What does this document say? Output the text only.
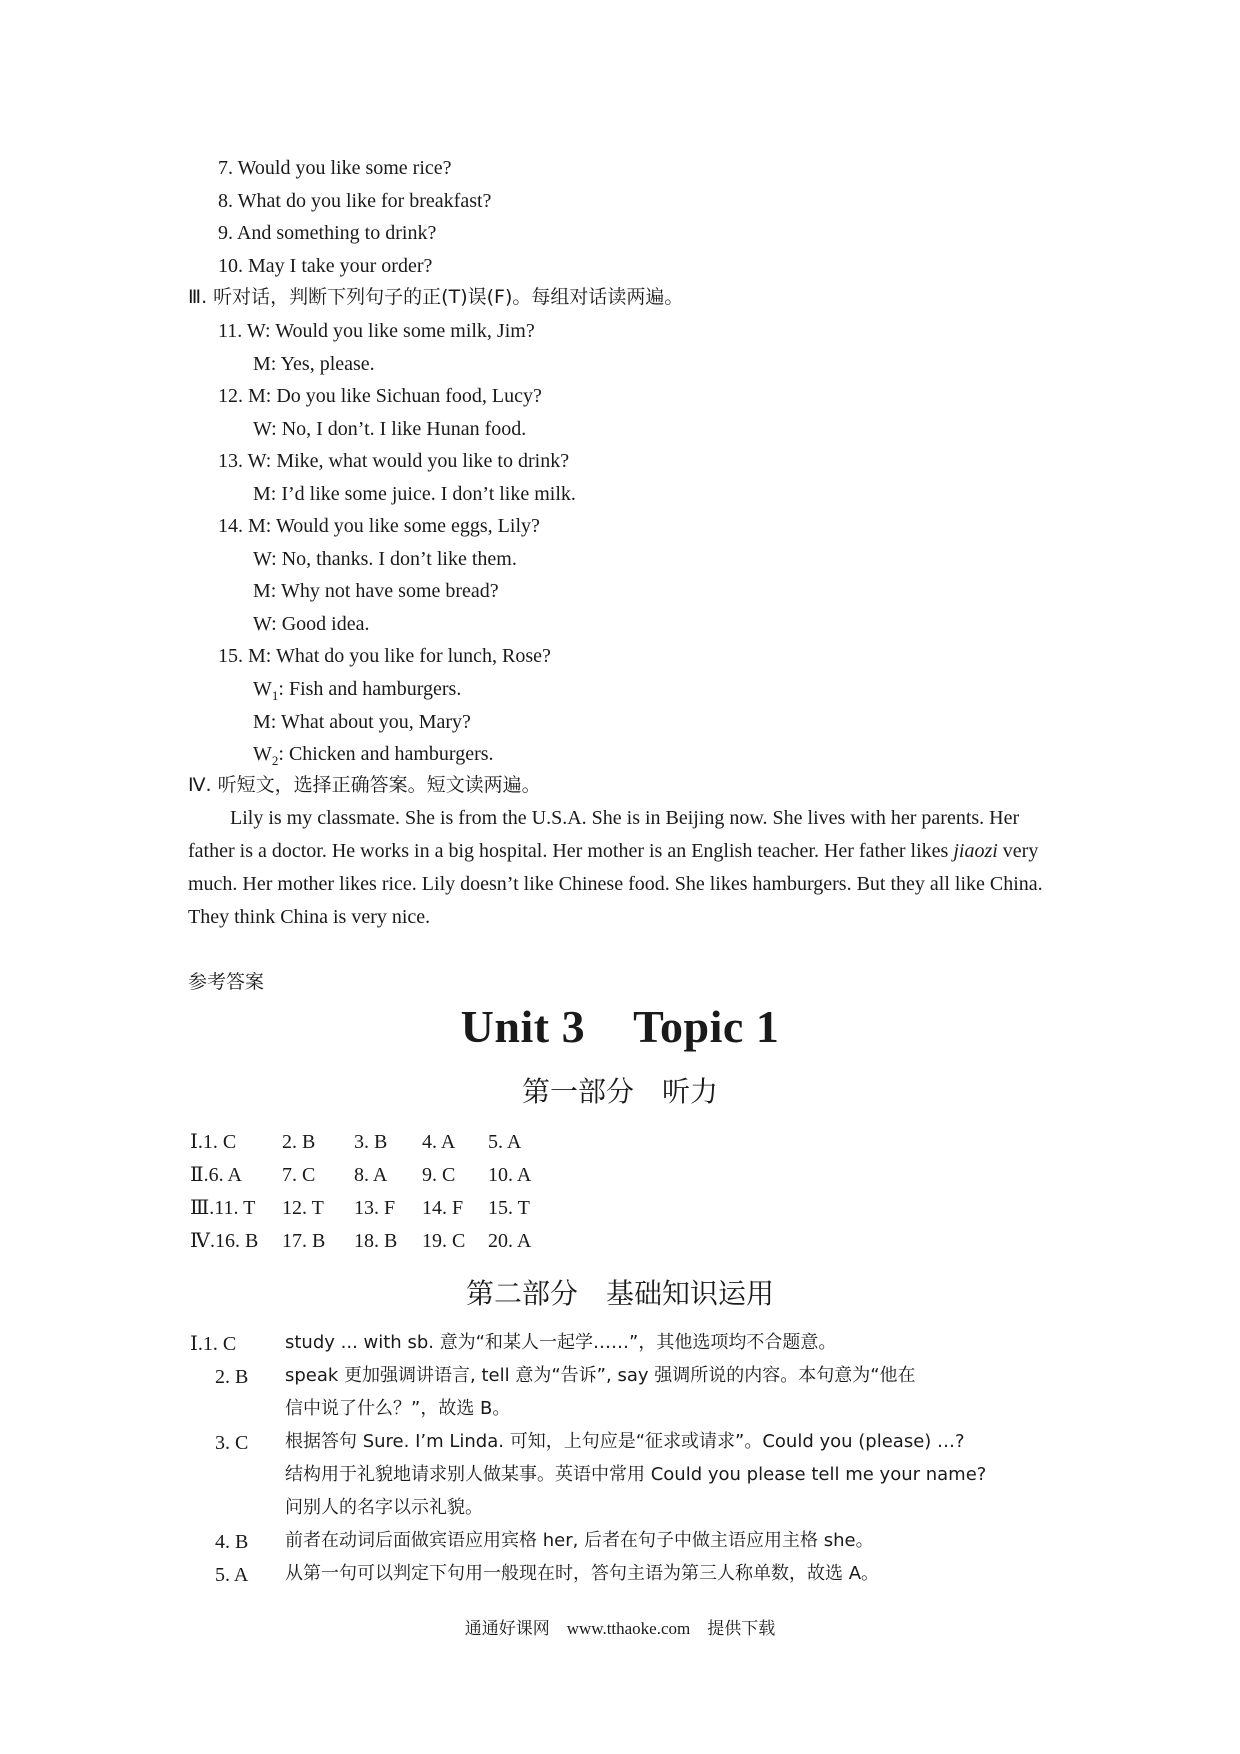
7. Would you like some rice?
8. What do you like for breakfast?
9. And something to drink?
10. May I take your order?
Ⅲ. 听对话，判断下列句子的正(T)误(F)。每组对话读两遍。
11. W: Would you like some milk, Jim?
M: Yes, please.
12. M: Do you like Sichuan food, Lucy?
W: No, I don’t. I like Hunan food.
13. W: Mike, what would you like to drink?
M: I’d like some juice. I don’t like milk.
14. M: Would you like some eggs, Lily?
W: No, thanks. I don’t like them.
M: Why not have some bread?
W: Good idea.
15. M: What do you like for lunch, Rose?
$W_1$: Fish and hamburgers.
M: What about you, Mary?
$W_2$: Chicken and hamburgers.
Ⅳ. 听短文，选择正确答案。短文读两遍。
Lily is my classmate. She is from the U.S.A. She is in Beijing now. She lives with her parents. Her father is a doctor. He works in a big hospital. Her mother is an English teacher. Her father likes jiaozi very much. Her mother likes rice. Lily doesn’t like Chinese food. She likes hamburgers. But they all like China. They think China is very nice.
参考答案
Unit 3 Topic 1
第一部分　听力
Ⅰ.1. C 2. B 3. B 4. A 5. A
Ⅱ.6. A 7. C 8. A 9. C 10. A
Ⅲ.11. T 12. T 13. F 14. F 15. T
Ⅳ.16. B 17. B 18. B 19. C 20. A
第二部分　基础知识运用
Ⅰ.1. C	study ... with sb. 意为“和某人一起学……”，其他选项均不合题意。
2. B speak 更加强调讲语言, tell 意为“告诉”, say 强调所说的内容。本句意为“他在
信中说了什么？”，故选 B。
3. C 根据答句 Sure. I’m Linda. 可知，上句应是“征求或请求”。Could you (please) …?
结构用于礼貌地请求别人做某事。英语中常用 Could you please tell me your name?
问别人的名字以示礼貌。
4. B 前者在动词后面做宾语应用宾格 her, 后者在句子中做主语应用主格 she。
5. A 从第一句可以判定下句用一般现在时，答句主语为第三人称单数，故选 A。
通通好课网　www.tthaoke.com　提供下载
